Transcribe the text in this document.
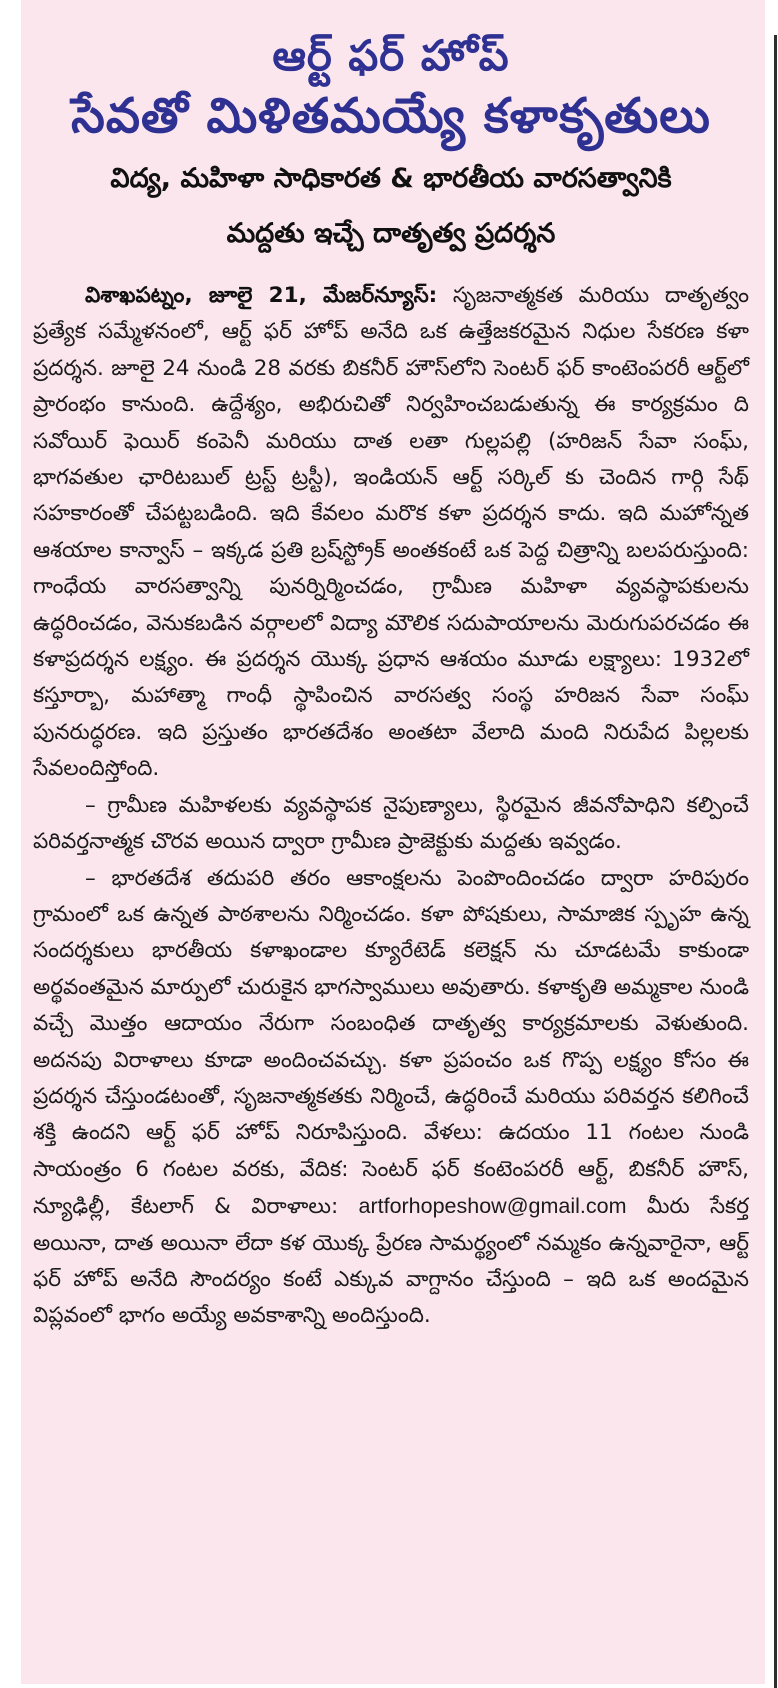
ఆర్ట్ ఫర్ హోప్
సేవతో మిళితమయ్యే కళాకృతులు
విద్య, మహిళా సాధికారత & భారతీయ వారసత్వానికి
మద్దతు ఇచ్చే దాతృత్వ ప్రదర్శన

విశాఖపట్నం, జూలై 21, మేజర్‌న్యూస్: సృజనాత్మకత మరియు దాతృత్వం ప్రత్యేక సమ్మేళనంలో, ఆర్ట్ ఫర్ హోప్ అనేది ఒక ఉత్తేజకరమైన నిధుల సేకరణ కళా ప్రదర్శన. జూలై 24 నుండి 28 వరకు బికనీర్ హౌస్‌లోని సెంటర్ ఫర్ కాంటెంపరరీ ఆర్ట్‌లో ప్రారంభం కానుంది. ఉద్దేశ్యం, అభిరుచితో నిర్వహించబడుతున్న ఈ కార్యక్రమం ది సవోయిర్ ఫెయిర్ కంపెనీ మరియు దాత లతా గుల్లపల్లి (హరిజన్ సేవా సంఘ్, భాగవతుల ఛారిటబుల్ ట్రస్ట్ ట్రస్టీ), ఇండియన్ ఆర్ట్ సర్కిల్ కు చెందిన గార్గి సేథ్ సహకారంతో చేపట్టబడింది. ఇది కేవలం మరొక కళా ప్రదర్శన కాదు. ఇది మహోన్నత ఆశయాల కాన్వాస్ – ఇక్కడ ప్రతి బ్రష్‌స్ట్రోక్ అంతకంటే ఒక పెద్ద చిత్రాన్ని బలపరుస్తుంది: గాంధేయ వారసత్వాన్ని పునర్నిర్మించడం, గ్రామీణ మహిళా వ్యవస్థాపకులను ఉద్ధరించడం, వెనుకబడిన వర్గాలలో విద్యా మౌలిక సదుపాయాలను మెరుగుపరచడం ఈ కళాప్రదర్శన లక్ష్యం. ఈ ప్రదర్శన యొక్క ప్రధాన ఆశయం మూడు లక్ష్యాలు: 1932లో కస్తూర్బా, మహాత్మా గాంధీ స్థాపించిన వారసత్వ సంస్థ హరిజన సేవా సంఘ్ పునరుద్ధరణ. ఇది ప్రస్తుతం భారతదేశం అంతటా వేలాది మంది నిరుపేద పిల్లలకు సేవలందిస్తోంది.

– గ్రామీణ మహిళలకు వ్యవస్థాపక నైపుణ్యాలు, స్థిరమైన జీవనోపాధిని కల్పించే పరివర్తనాత్మక చొరవ అయిన ద్వారా గ్రామీణ ప్రాజెక్టుకు మద్దతు ఇవ్వడం.

– భారతదేశ తదుపరి తరం ఆకాంక్షలను పెంపొందించడం ద్వారా హరిపురం గ్రామంలో ఒక ఉన్నత పాఠశాలను నిర్మించడం. కళా పోషకులు, సామాజిక స్పృహ ఉన్న సందర్శకులు భారతీయ కళాఖండాల క్యూరేటెడ్ కలెక్షన్ ను చూడటమే కాకుండా అర్థవంతమైన మార్పులో చురుకైన భాగస్వాములు అవుతారు. కళాకృతి అమ్మకాల నుండి వచ్చే మొత్తం ఆదాయం నేరుగా సంబంధిత దాతృత్వ కార్యక్రమాలకు వెళుతుంది. అదనపు విరాళాలు కూడా అందించవచ్చు. కళా ప్రపంచం ఒక గొప్ప లక్ష్యం కోసం ఈ ప్రదర్శన చేస్తుండటంతో, సృజనాత్మకతకు నిర్మించే, ఉద్ధరించే మరియు పరివర్తన కలిగించే శక్తి ఉందని ఆర్ట్ ఫర్ హోప్ నిరూపిస్తుంది. వేళలు: ఉదయం 11 గంటల నుండి సాయంత్రం 6 గంటల వరకు, వేదిక: సెంటర్ ఫర్ కంటెంపరరీ ఆర్ట్, బికనీర్ హౌస్, న్యూఢిల్లీ, కేటలాగ్ & విరాళాలు: artforhopeshow@gmail.com మీరు సేకర్త అయినా, దాత అయినా లేదా కళ యొక్క ప్రేరణ సామర్థ్యంలో నమ్మకం ఉన్నవారైనా, ఆర్ట్ ఫర్ హోప్ అనేది సౌందర్యం కంటే ఎక్కువ వాగ్దానం చేస్తుంది – ఇది ఒక అందమైన విప్లవంలో భాగం అయ్యే అవకాశాన్ని అందిస్తుంది.
